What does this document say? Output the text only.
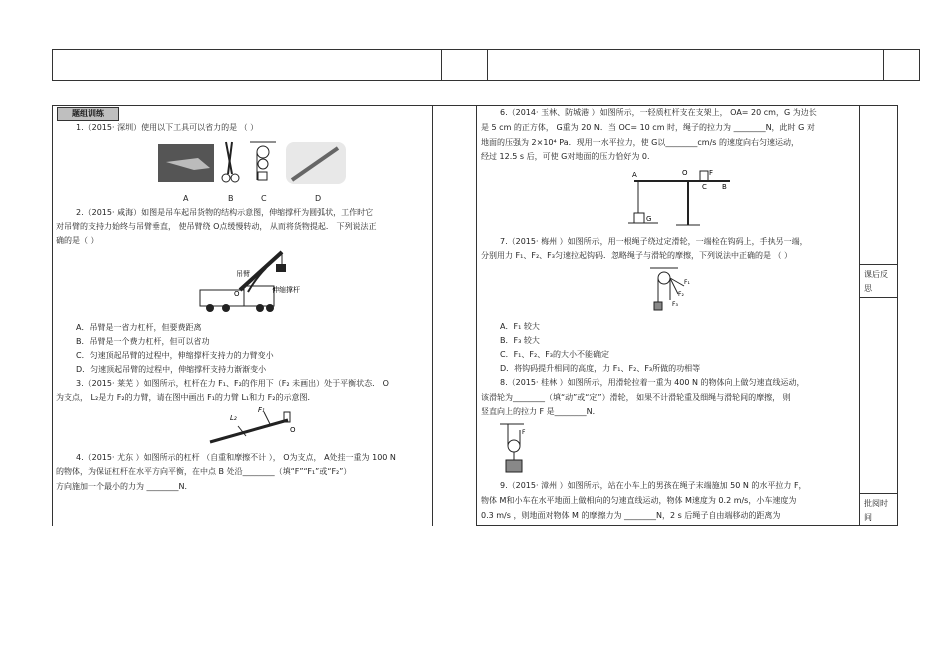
课后反思
批阅时间
题组训练
1.（2015· 深圳）使用以下工具可以省力的是 （ ）
A	B	C	D
2.（2015· 咸海）如图是吊车起吊货物的结构示意图，伸缩撑杆为圆弧状，工作时它
对吊臂的支持力始终与吊臂垂直， 使吊臂绕 O点缓慢转动， 从而将货物提起． 下列说法正
确的是（ ）
吊臂
伸缩撑杆
O
A．吊臂是一省力杠杆，但要费距离
B．吊臂是一个费力杠杆，但可以省功
C．匀速顶起吊臂的过程中，伸缩撑杆支持力的力臂变小
D．匀速顶起吊臂的过程中，伸缩撑杆支持力渐渐变小
3.（2015· 莱芜 ）如图所示，杠杆在力 F₁、F₂的作用下（F₂ 未画出）处于平衡状态． O
为支点， L₂是力 F₂的力臂，请在图中画出 F₁的力臂 L₁和力 F₂的示意图．
L₂
F₁
O
4.（2015· 尤东 ）如图所示的杠杆 （自重和摩擦不计 ）， O为支点， A处挂一重为 100 N
的物体，为保证杠杆在水平方向平衡，在中点 B 处沿________（填“F”“F₁”或“F₂”）
方向施加一个最小的力为 ________N．
6.（2014· 玉林、防城港 ）如图所示，一轻质杠杆支在支架上， OA= 20 cm，G 为边长
是 5 cm 的正方体， G重为 20 N．当 OC= 10 cm 时，绳子的拉力为 ________N，此时 G 对
地面的压强为 2×10⁴ Pa．现用一水平拉力，使 G以________cm/s 的速度向右匀速运动，
经过 12.5 s 后，可使 G对地面的压力恰好为 0.
A	O
B
C
G
F
7.（2015· 梅州 ）如图所示，用一根绳子绕过定滑轮，一端栓在钩码上，手执另一端，
分别用力 F₁、F₂、F₃匀速拉起钩码．忽略绳子与滑轮的摩擦，下列说法中正确的是 （ ）
F₁
F₂
F₃
A．F₁ 较大
B．F₃ 较大
C．F₁、F₂、F₃的大小不能确定
D．将钩码提升相同的高度，力 F₁、F₂、F₃所做的功相等
8.（2015· 桂林 ）如图所示，用滑轮拉着一重为 400 N 的物体向上做匀速直线运动，
该滑轮为________（填“动”或“定”）滑轮， 如果不计滑轮重及细绳与滑轮间的摩擦， 则
竖直向上的拉力 F 是________N．
F
9.（2015· 漳州 ）如图所示，站在小车上的男孩在绳子末端施加 50 N 的水平拉力 F，
物体 M和小车在水平地面上做相向的匀速直线运动，物体 M速度为 0.2 m/s，小车速度为
0.3 m/s ，则地面对物体 M 的摩擦力为 ________N，2 s 后绳子自由端移动的距离为
